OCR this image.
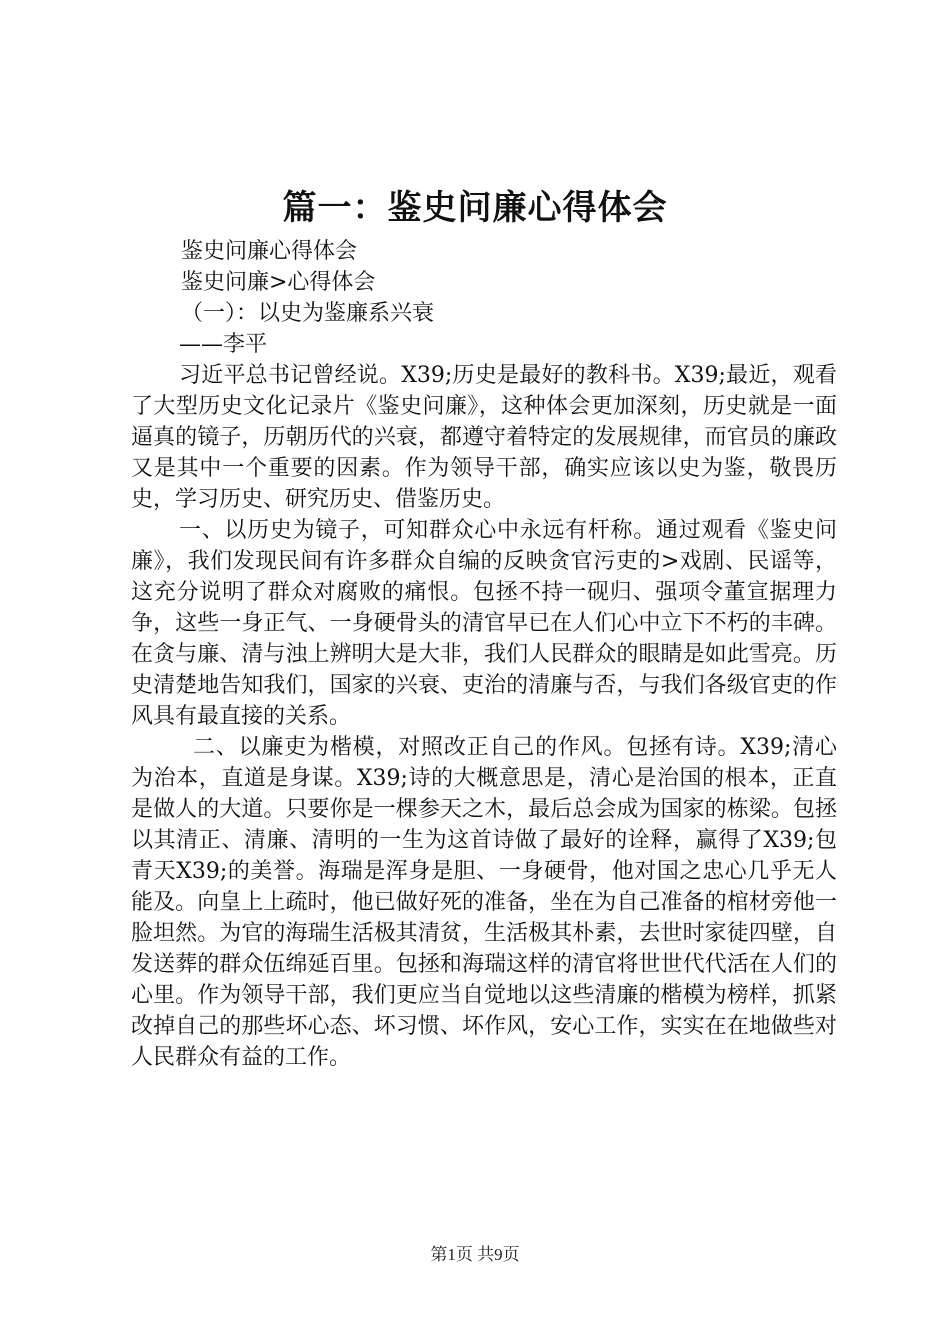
篇一：鉴史问廉心得体会
鉴史问廉心得体会
鉴史问廉>心得体会
（一）：以史为鉴廉系兴衰
——李平
习近平总书记曾经说。X39;历史是最好的教科书。X39;最近，观看了大型历史文化记录片《鉴史问廉》，这种体会更加深刻，历史就是一面逼真的镜子，历朝历代的兴衰，都遵守着特定的发展规律，而官员的廉政又是其中一个重要的因素。作为领导干部，确实应该以史为鉴，敬畏历史，学习历史、研究历史、借鉴历史。
一、以历史为镜子，可知群众心中永远有杆称。通过观看《鉴史问廉》，我们发现民间有许多群众自编的反映贪官污吏的>戏剧、民谣等，这充分说明了群众对腐败的痛恨。包拯不持一砚归、强项令董宣据理力争，这些一身正气、一身硬骨头的清官早已在人们心中立下不朽的丰碑。在贪与廉、清与浊上辨明大是大非，我们人民群众的眼睛是如此雪亮。历史清楚地告知我们，国家的兴衰、吏治的清廉与否，与我们各级官吏的作风具有最直接的关系。
二、以廉吏为楷模，对照改正自己的作风。包拯有诗。X39;清心为治本，直道是身谋。X39;诗的大概意思是，清心是治国的根本，正直是做人的大道。只要你是一棵参天之木，最后总会成为国家的栋梁。包拯以其清正、清廉、清明的一生为这首诗做了最好的诠释，赢得了X39;包青天X39;的美誉。海瑞是浑身是胆、一身硬骨，他对国之忠心几乎无人能及。向皇上上疏时，他已做好死的准备，坐在为自己准备的棺材旁他一脸坦然。为官的海瑞生活极其清贫，生活极其朴素，去世时家徒四壁，自发送葬的群众伍绵延百里。包拯和海瑞这样的清官将世世代代活在人们的心里。作为领导干部，我们更应当自觉地以这些清廉的楷模为榜样，抓紧改掉自己的那些坏心态、坏习惯、坏作风，安心工作，实实在在地做些对人民群众有益的工作。
第1页 共9页
